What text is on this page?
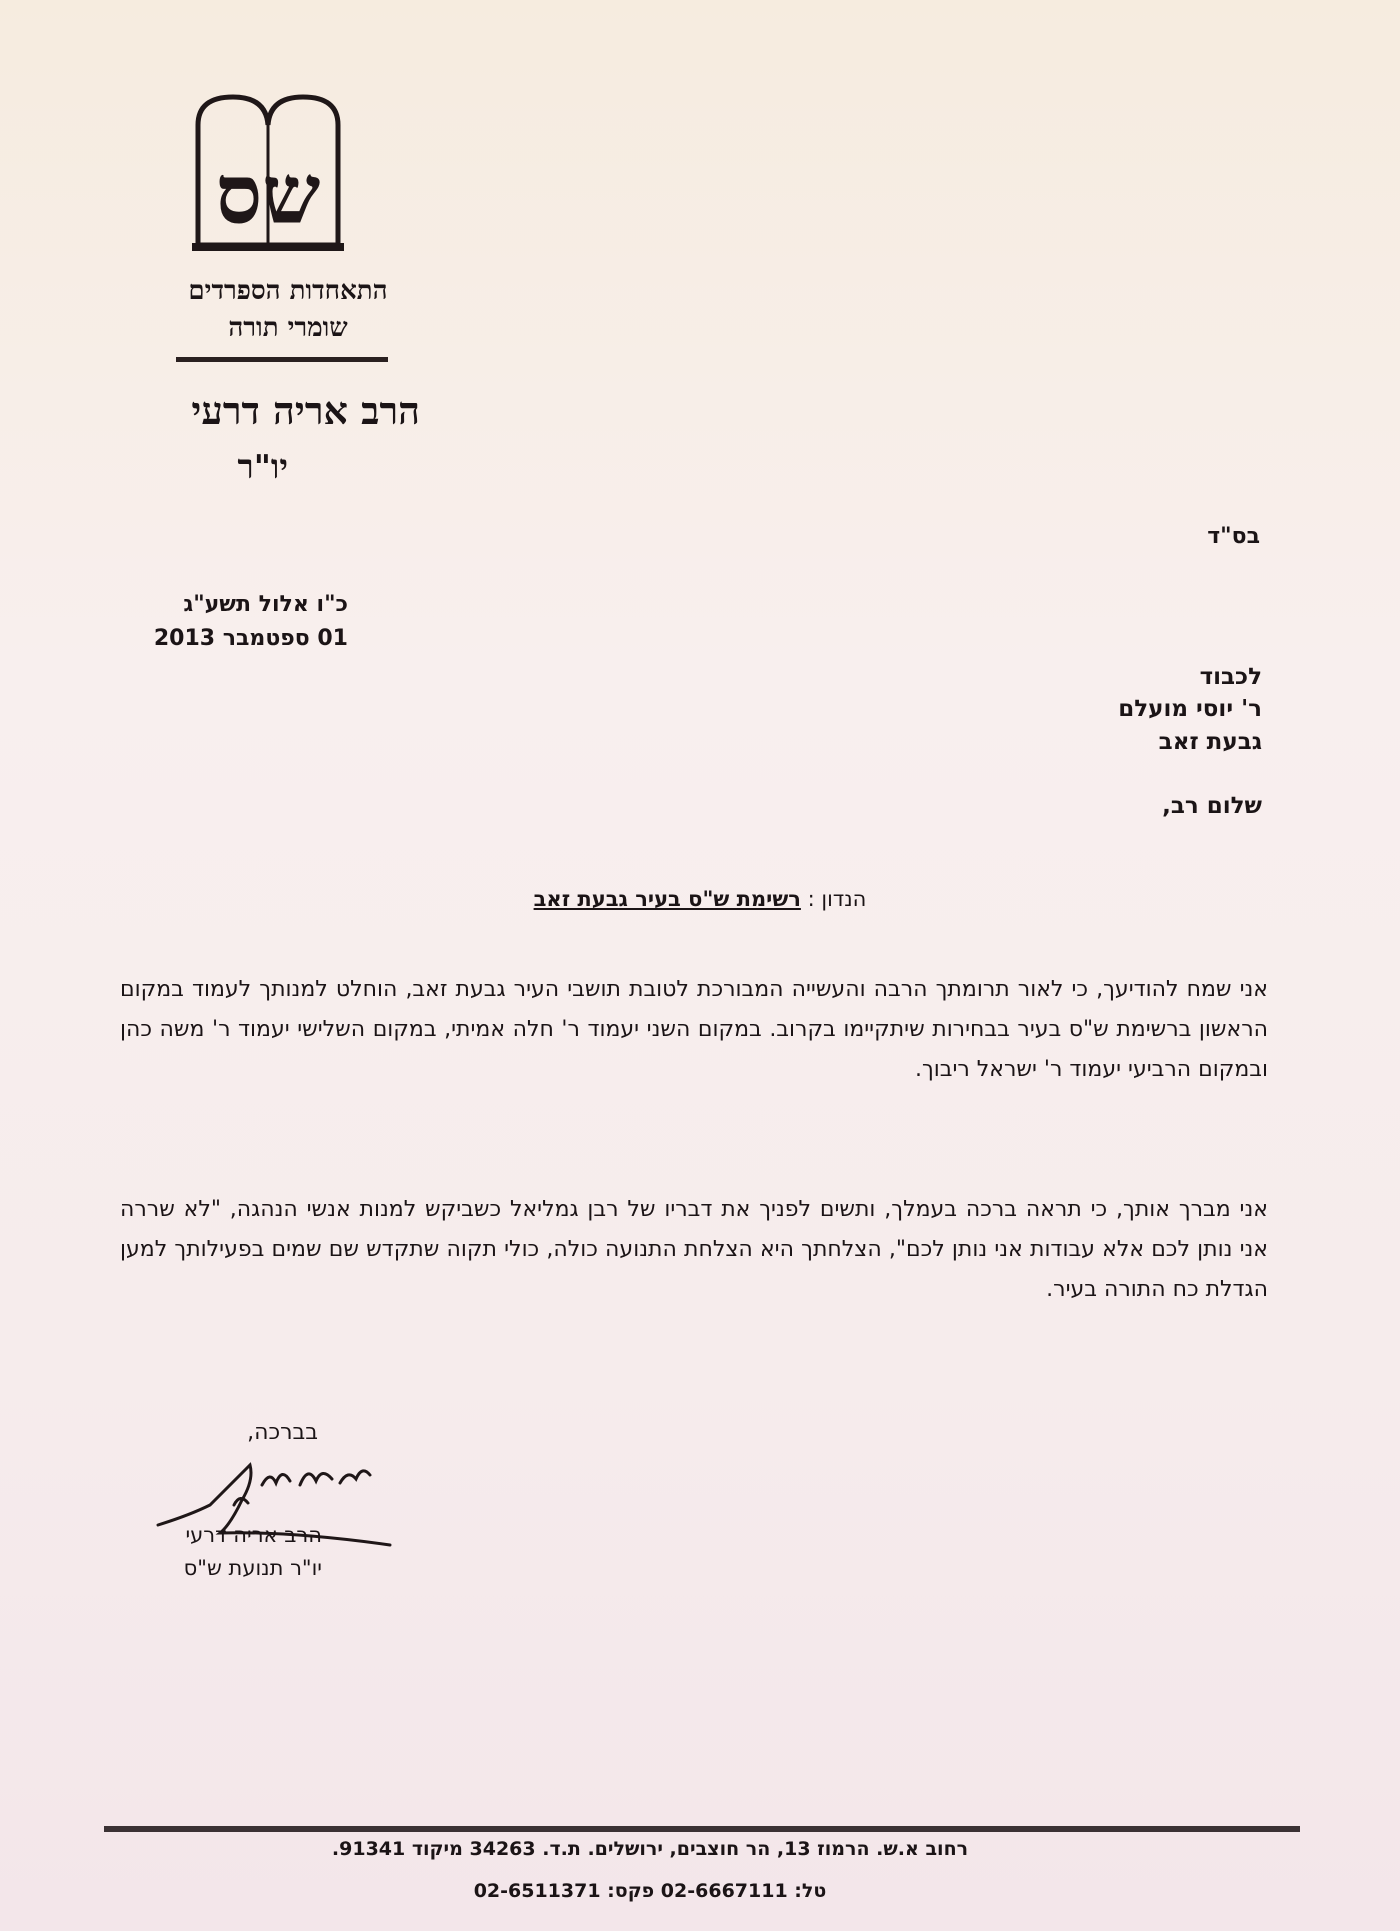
שס
התאחדות הספרדים
שומרי תורה
הרב אריה דרעי
יו"ר
בס"ד
כ"ו אלול תשע"ג
01 ספטמבר 2013
לכבוד
ר' יוסי מועלם
גבעת זאב
שלום רב,
הנדון : רשימת ש"ס בעיר גבעת זאב

אני שמח להודיעך, כי לאור תרומתך הרבה והעשייה המבורכת לטובת תושבי העיר גבעת זאב, הוחלט למנותך לעמוד במקום הראשון ברשימת ש"ס בעיר בבחירות שיתקיימו בקרוב. במקום השני יעמוד ר' חלה אמיתי, במקום השלישי יעמוד ר' משה כהן ובמקום הרביעי יעמוד ר' ישראל ריבוך.

אני מברך אותך, כי תראה ברכה בעמלך, ותשים לפניך את דבריו של רבן גמליאל כשביקש למנות אנשי הנהגה, "לא שררה אני נותן לכם אלא עבודות אני נותן לכם", הצלחתך היא הצלחת התנועה כולה, כולי תקוה שתקדש שם שמים בפעילותך למען הגדלת כח התורה בעיר.

בברכה,
הרב אריה דרעי
יו"ר תנועת ש"ס
רחוב א.ש. הרמוז 13, הר חוצבים, ירושלים. ת.ד. 34263 מיקוד 91341.
טל: 02-6667111 פקס: 02-6511371
